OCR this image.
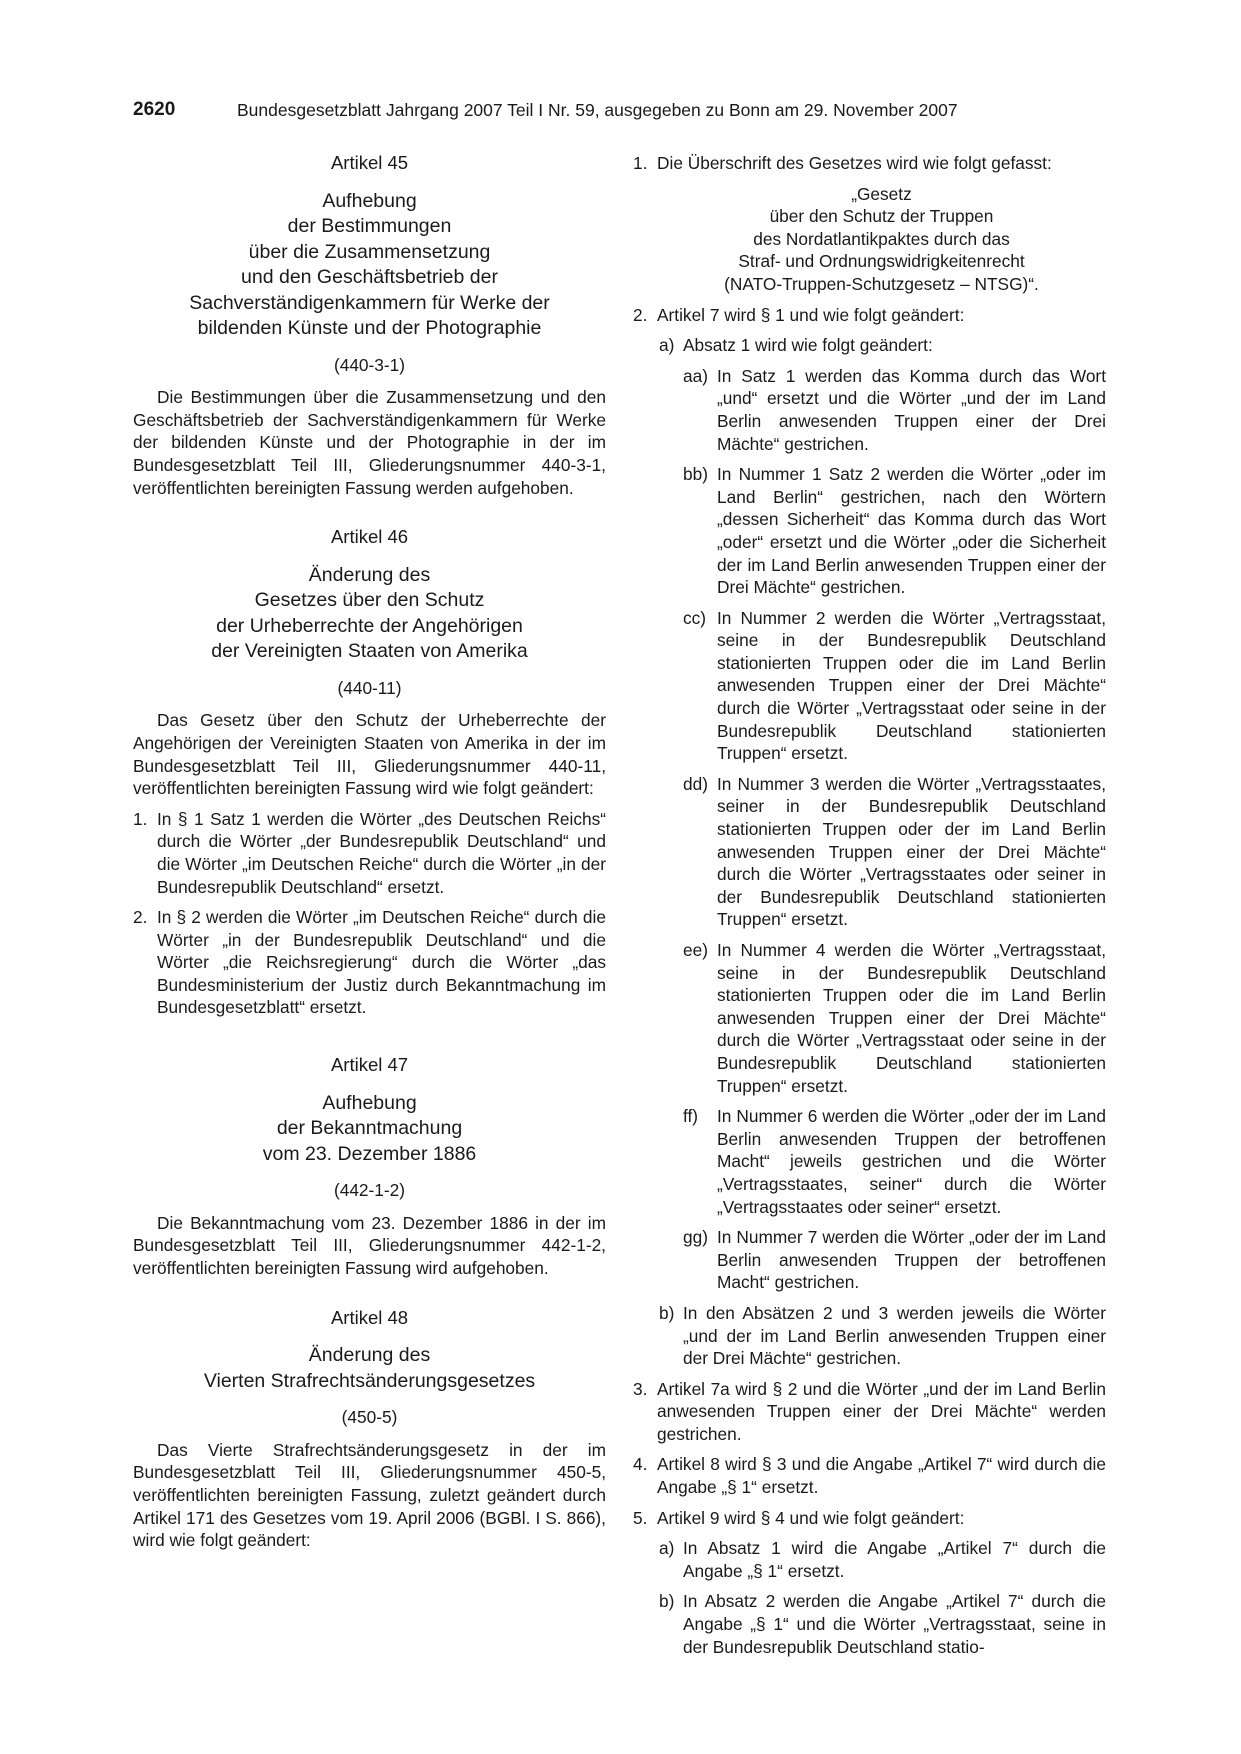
2620	Bundesgesetzblatt Jahrgang 2007 Teil I Nr. 59, ausgegeben zu Bonn am 29. November 2007
Artikel 45
Aufhebung
der Bestimmungen
über die Zusammensetzung
und den Geschäftsbetrieb der
Sachverständigenkammern für Werke der
bildenden Künste und der Photographie
(440-3-1)

Die Bestimmungen über die Zusammensetzung und den Geschäftsbetrieb der Sachverständigenkammern für Werke der bildenden Künste und der Photographie in der im Bundesgesetzblatt Teil III, Gliederungsnummer 440-3-1, veröffentlichten bereinigten Fassung werden aufgehoben.

Artikel 46
Änderung des
Gesetzes über den Schutz
der Urheberrechte der Angehörigen
der Vereinigten Staaten von Amerika
(440-11)

Das Gesetz über den Schutz der Urheberrechte der Angehörigen der Vereinigten Staaten von Amerika in der im Bundesgesetzblatt Teil III, Gliederungsnummer 440-11, veröffentlichten bereinigten Fassung wird wie folgt geändert:

1. In § 1 Satz 1 werden die Wörter „des Deutschen Reichs“ durch die Wörter „der Bundesrepublik Deutschland“ und die Wörter „im Deutschen Reiche“ durch die Wörter „in der Bundesrepublik Deutschland“ ersetzt.
2. In § 2 werden die Wörter „im Deutschen Reiche“ durch die Wörter „in der Bundesrepublik Deutschland“ und die Wörter „die Reichsregierung“ durch die Wörter „das Bundesministerium der Justiz durch Bekanntmachung im Bundesgesetzblatt“ ersetzt.
Artikel 47
Aufhebung
der Bekanntmachung
vom 23. Dezember 1886
(442-1-2)

Die Bekanntmachung vom 23. Dezember 1886 in der im Bundesgesetzblatt Teil III, Gliederungsnummer 442-1-2, veröffentlichten bereinigten Fassung wird aufgehoben.

Artikel 48
Änderung des
Vierten Strafrechtsänderungsgesetzes
(450-5)

Das Vierte Strafrechtsänderungsgesetz in der im Bundesgesetzblatt Teil III, Gliederungsnummer 450-5, veröffentlichten bereinigten Fassung, zuletzt geändert durch Artikel 171 des Gesetzes vom 19. April 2006 (BGBl. I S. 866), wird wie folgt geändert:

1. Die Überschrift des Gesetzes wird wie folgt gefasst:
„Gesetz
über den Schutz der Truppen
des Nordatlantikpaktes durch das
Straf- und Ordnungswidrigkeitenrecht
(NATO-Truppen-Schutzgesetz – NTSG)“.
2. Artikel 7 wird § 1 und wie folgt geändert:
a) Absatz 1 wird wie folgt geändert:
aa) In Satz 1 werden das Komma durch das Wort „und“ ersetzt und die Wörter „und der im Land Berlin anwesenden Truppen einer der Drei Mächte“ gestrichen.
bb) In Nummer 1 Satz 2 werden die Wörter „oder im Land Berlin“ gestrichen, nach den Wörtern „dessen Sicherheit“ das Komma durch das Wort „oder“ ersetzt und die Wörter „oder die Sicherheit der im Land Berlin anwesenden Truppen einer der Drei Mächte“ gestrichen.
cc) In Nummer 2 werden die Wörter „Vertragsstaat, seine in der Bundesrepublik Deutschland stationierten Truppen oder die im Land Berlin anwesenden Truppen einer der Drei Mächte“ durch die Wörter „Vertragsstaat oder seine in der Bundesrepublik Deutschland stationierten Truppen“ ersetzt.
dd) In Nummer 3 werden die Wörter „Vertragsstaates, seiner in der Bundesrepublik Deutschland stationierten Truppen oder der im Land Berlin anwesenden Truppen einer der Drei Mächte“ durch die Wörter „Vertragsstaates oder seiner in der Bundesrepublik Deutschland stationierten Truppen“ ersetzt.
ee) In Nummer 4 werden die Wörter „Vertragsstaat, seine in der Bundesrepublik Deutschland stationierten Truppen oder die im Land Berlin anwesenden Truppen einer der Drei Mächte“ durch die Wörter „Vertragsstaat oder seine in der Bundesrepublik Deutschland stationierten Truppen“ ersetzt.
ff) In Nummer 6 werden die Wörter „oder der im Land Berlin anwesenden Truppen der betroffenen Macht“ jeweils gestrichen und die Wörter „Vertragsstaates, seiner“ durch die Wörter „Vertragsstaates oder seiner“ ersetzt.
gg) In Nummer 7 werden die Wörter „oder der im Land Berlin anwesenden Truppen der betroffenen Macht“ gestrichen.
b) In den Absätzen 2 und 3 werden jeweils die Wörter „und der im Land Berlin anwesenden Truppen einer der Drei Mächte“ gestrichen.
3. Artikel 7a wird § 2 und die Wörter „und der im Land Berlin anwesenden Truppen einer der Drei Mächte“ werden gestrichen.
4. Artikel 8 wird § 3 und die Angabe „Artikel 7“ wird durch die Angabe „§ 1“ ersetzt.
5. Artikel 9 wird § 4 und wie folgt geändert:
a) In Absatz 1 wird die Angabe „Artikel 7“ durch die Angabe „§ 1“ ersetzt.
b) In Absatz 2 werden die Angabe „Artikel 7“ durch die Angabe „§ 1“ und die Wörter „Vertragsstaat, seine in der Bundesrepublik Deutschland statio-
